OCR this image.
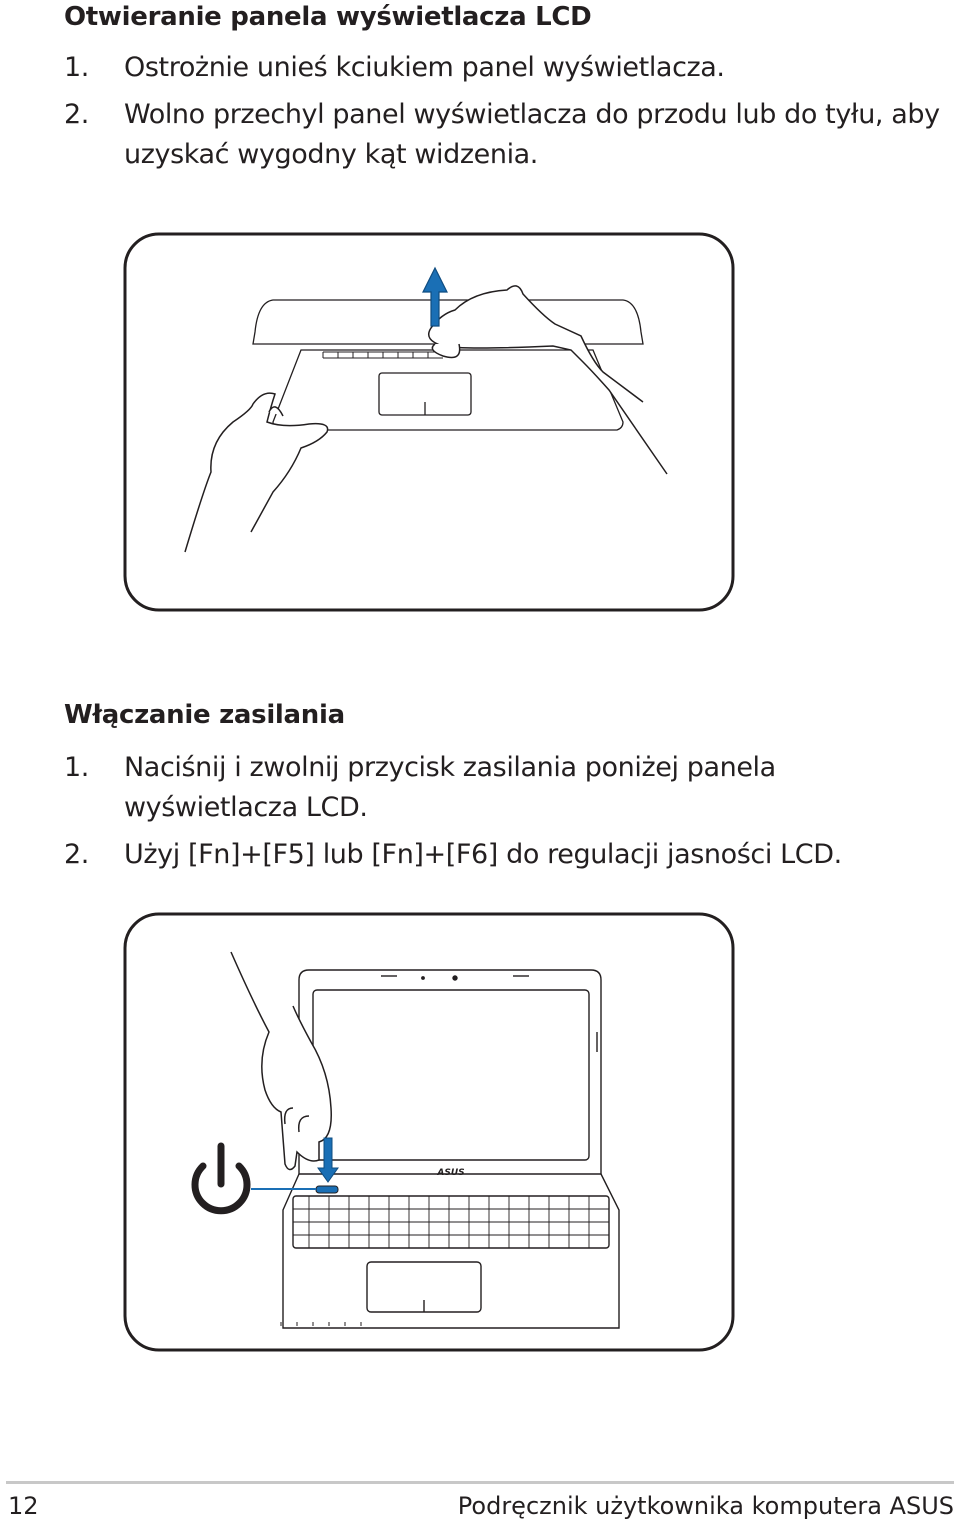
Otwieranie panela wyświetlacza LCD
1. Ostrożnie unieś kciukiem panel wyświetlacza.
2. Wolno przechyl panel wyświetlacza do przodu lub do tyłu, aby uzyskać wygodny kąt widzenia.
Włączanie zasilania
1. Naciśnij i zwolnij przycisk zasilania poniżej panela wyświetlacza LCD.
2. Użyj [Fn]+[F5] lub [Fn]+[F6] do regulacji jasności LCD.
ASUS
12	Podręcznik użytkownika komputera ASUS
